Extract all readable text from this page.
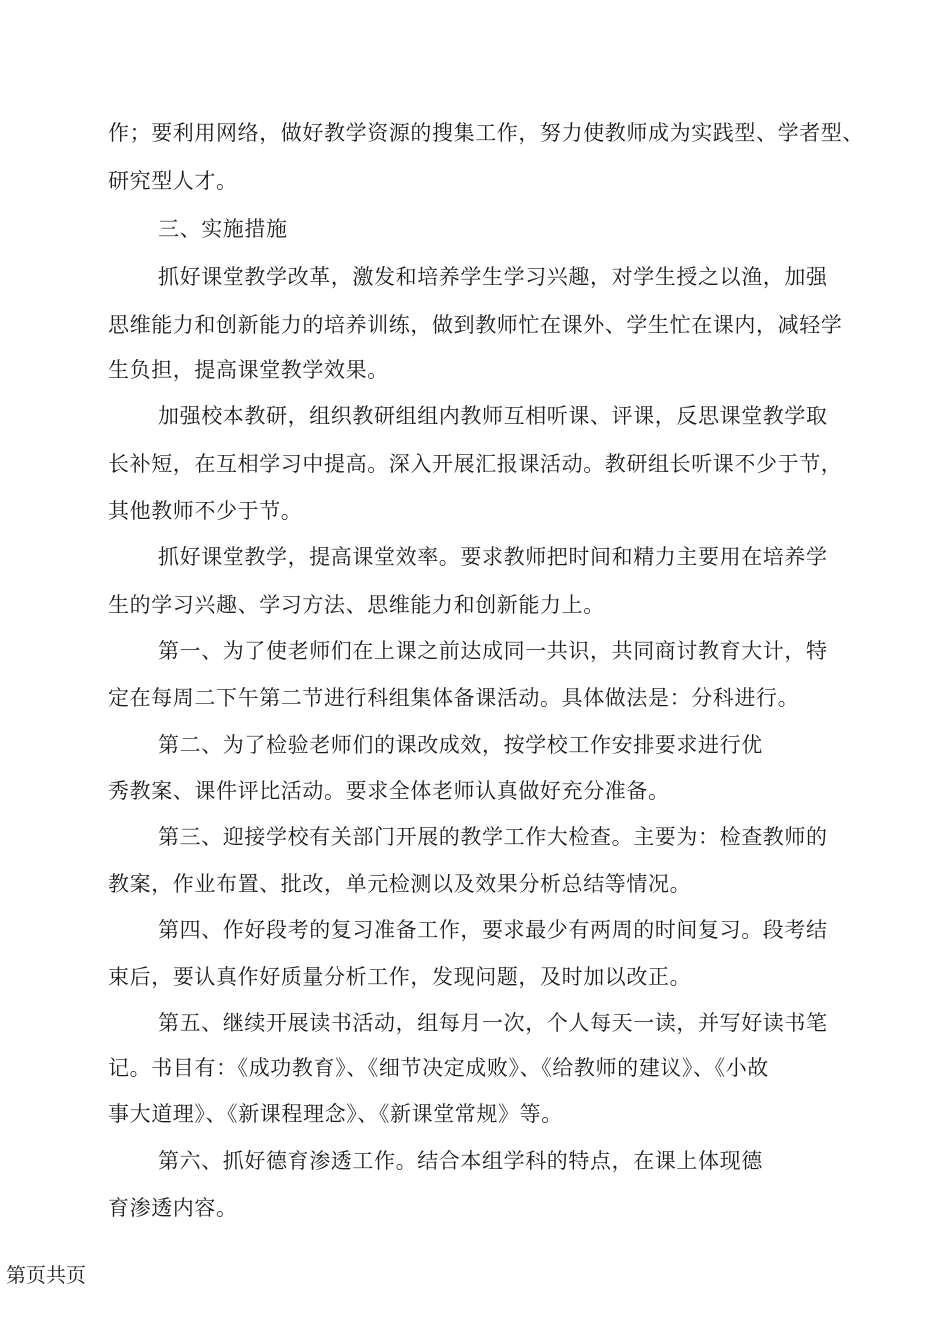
作；要利用网络，做好教学资源的搜集工作，努力使教师成为实践型、学者型、
研究型人才。
三、实施措施
抓好课堂教学改革，激发和培养学生学习兴趣，对学生授之以渔，加强
思维能力和创新能力的培养训练，做到教师忙在课外、学生忙在课内，减轻学
生负担，提高课堂教学效果。
加强校本教研，组织教研组组内教师互相听课、评课，反思课堂教学取
长补短，在互相学习中提高。深入开展汇报课活动。教研组长听课不少于节，
其他教师不少于节。
抓好课堂教学，提高课堂效率。要求教师把时间和精力主要用在培养学
生的学习兴趣、学习方法、思维能力和创新能力上。
第一、为了使老师们在上课之前达成同一共识，共同商讨教育大计，特
定在每周二下午第二节进行科组集体备课活动。具体做法是：分科进行。
第二、为了检验老师们的课改成效，按学校工作安排要求进行优
秀教案、课件评比活动。要求全体老师认真做好充分准备。
第三、迎接学校有关部门开展的教学工作大检查。主要为：检查教师的
教案，作业布置、批改，单元检测以及效果分析总结等情况。
第四、作好段考的复习准备工作，要求最少有两周的时间复习。段考结
束后，要认真作好质量分析工作，发现问题，及时加以改正。
第五、继续开展读书活动，组每月一次，个人每天一读，并写好读书笔
记。书目有：《成功教育》、《细节决定成败》、《给教师的建议》、《小故
事大道理》、《新课程理念》、《新课堂常规》等。
第六、抓好德育渗透工作。结合本组学科的特点，在课上体现德
育渗透内容。
第页共页
